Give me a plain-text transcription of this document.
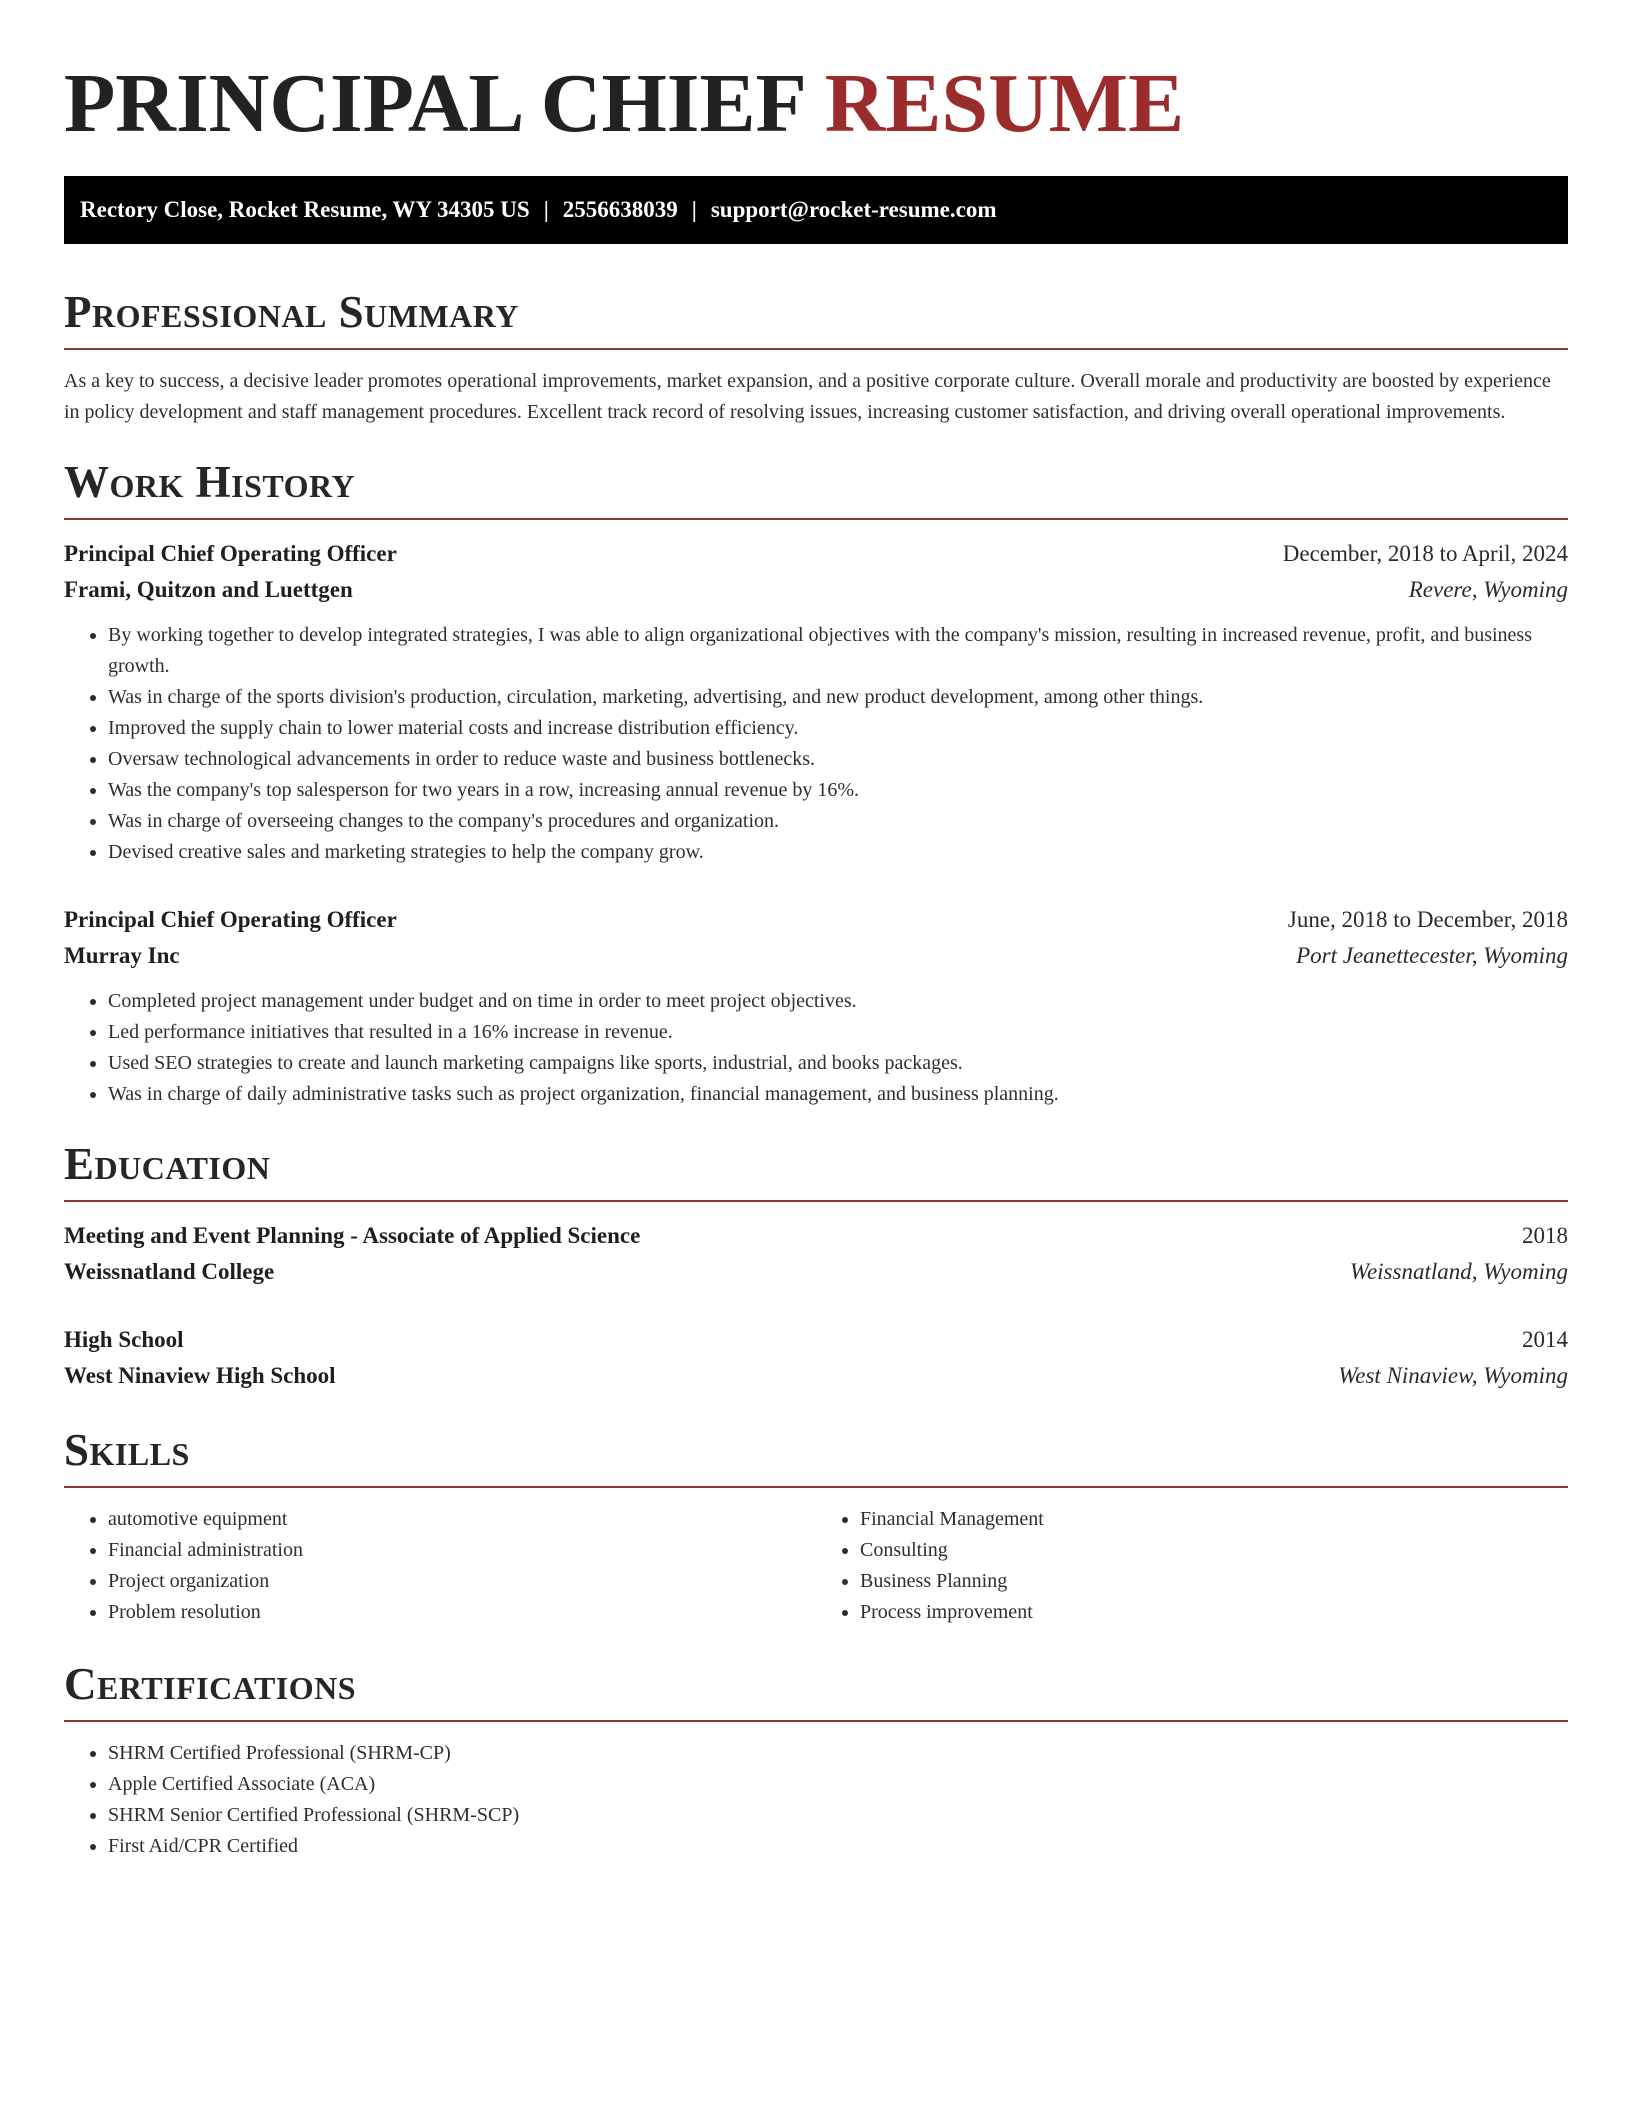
PRINCIPAL CHIEF RESUME
Rectory Close, Rocket Resume, WY 34305 US | 2556638039 | support@rocket-resume.com
Professional Summary

As a key to success, a decisive leader promotes operational improvements, market expansion, and a positive corporate culture. Overall morale and productivity are boosted by experience in policy development and staff management procedures. Excellent track record of resolving issues, increasing customer satisfaction, and driving overall operational improvements.

Work History
Principal Chief Operating Officer	December, 2018 to April, 2024
Frami, Quitzon and Luettgen	Revere, Wyoming
• By working together to develop integrated strategies, I was able to align organizational objectives with the company's mission, resulting in increased revenue, profit, and business growth.
• Was in charge of the sports division's production, circulation, marketing, advertising, and new product development, among other things.
• Improved the supply chain to lower material costs and increase distribution efficiency.
• Oversaw technological advancements in order to reduce waste and business bottlenecks.
• Was the company's top salesperson for two years in a row, increasing annual revenue by 16%.
• Was in charge of overseeing changes to the company's procedures and organization.
• Devised creative sales and marketing strategies to help the company grow.
Principal Chief Operating Officer	June, 2018 to December, 2018
Murray Inc	Port Jeanettecester, Wyoming
• Completed project management under budget and on time in order to meet project objectives.
• Led performance initiatives that resulted in a 16% increase in revenue.
• Used SEO strategies to create and launch marketing campaigns like sports, industrial, and books packages.
• Was in charge of daily administrative tasks such as project organization, financial management, and business planning.
Education
Meeting and Event Planning - Associate of Applied Science	2018
Weissnatland College	Weissnatland, Wyoming
High School	2014
West Ninaview High School	West Ninaview, Wyoming
Skills
• automotive equipment
• Financial administration
• Project organization
• Problem resolution
• Financial Management
• Consulting
• Business Planning
• Process improvement
Certifications
• SHRM Certified Professional (SHRM-CP)
• Apple Certified Associate (ACA)
• SHRM Senior Certified Professional (SHRM-SCP)
• First Aid/CPR Certified
